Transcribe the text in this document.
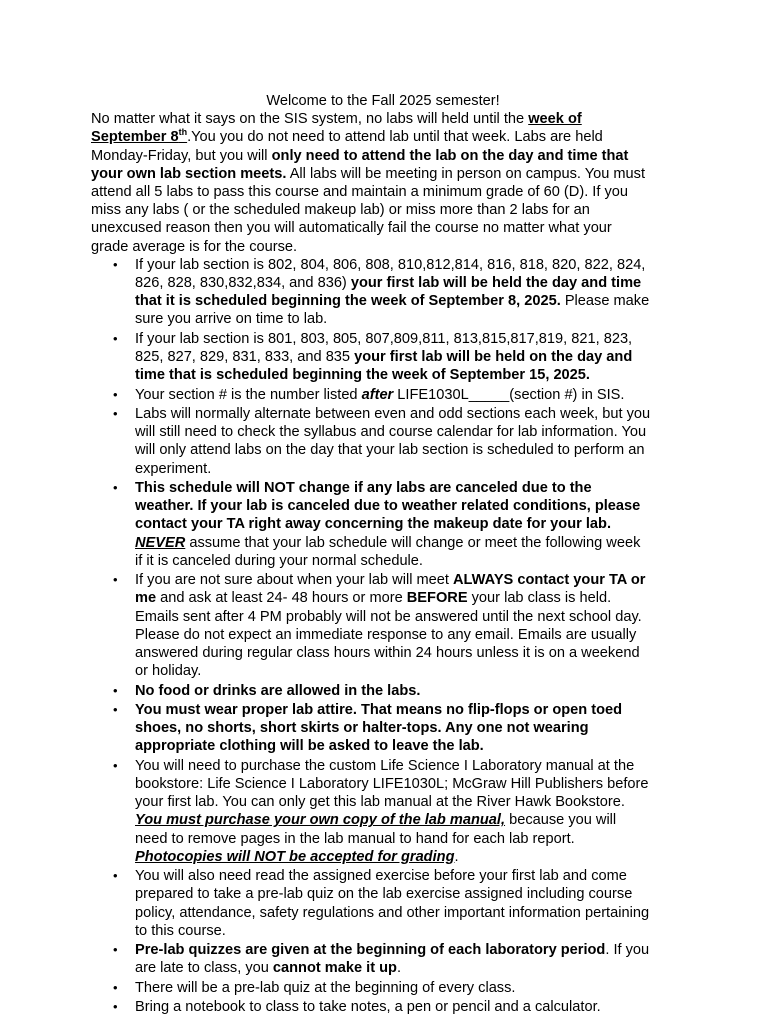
Welcome to the Fall 2025 semester!

No matter what it says on the SIS system, no labs will held until the week of September 8th.You you do not need to attend lab until that week. Labs are held Monday-Friday, but you will only need to attend the lab on the day and time that your own lab section meets. All labs will be meeting in person on campus. You must attend all 5 labs to pass this course and maintain a minimum grade of 60 (D). If you miss any labs ( or the scheduled makeup lab) or miss more than 2 labs for an unexcused reason then you will automatically fail the course no matter what your grade average is for the course.

• If your lab section is 802, 804, 806, 808, 810,812,814, 816, 818, 820, 822, 824, 826, 828, 830,832,834, and 836) your first lab will be held the day and time that it is scheduled beginning the week of September 8, 2025. Please make sure you arrive on time to lab.
• If your lab section is 801, 803, 805, 807,809,811, 813,815,817,819, 821, 823, 825, 827, 829, 831, 833, and 835 your first lab will be held on the day and time that is scheduled beginning the week of September 15, 2025.
• Your section # is the number listed after LIFE1030L_____(section #) in SIS.
• Labs will normally alternate between even and odd sections each week, but you will still need to check the syllabus and course calendar for lab information. You will only attend labs on the day that your lab section is scheduled to perform an experiment.
• This schedule will NOT change if any labs are canceled due to the weather. If your lab is canceled due to weather related conditions, please contact your TA right away concerning the makeup date for your lab. NEVER assume that your lab schedule will change or meet the following week if it is canceled during your normal schedule.
• If you are not sure about when your lab will meet ALWAYS contact your TA or me and ask at least 24- 48 hours or more BEFORE your lab class is held. Emails sent after 4 PM probably will not be answered until the next school day. Please do not expect an immediate response to any email. Emails are usually answered during regular class hours within 24 hours unless it is on a weekend or holiday.
• No food or drinks are allowed in the labs.
• You must wear proper lab attire. That means no flip-flops or open toed shoes, no shorts, short skirts or halter-tops. Any one not wearing appropriate clothing will be asked to leave the lab.
• You will need to purchase the custom Life Science I Laboratory manual at the bookstore: Life Science I Laboratory LIFE1030L; McGraw Hill Publishers before your first lab. You can only get this lab manual at the River Hawk Bookstore. You must purchase your own copy of the lab manual, because you will need to remove pages in the lab manual to hand for each lab report. Photocopies will NOT be accepted for grading.
• You will also need read the assigned exercise before your first lab and come prepared to take a pre-lab quiz on the lab exercise assigned including course policy, attendance, safety regulations and other important information pertaining to this course.
• Pre-lab quizzes are given at the beginning of each laboratory period. If you are late to class, you cannot make it up.
• There will be a pre-lab quiz at the beginning of every class.
• Bring a notebook to class to take notes, a pen or pencil and a calculator.
